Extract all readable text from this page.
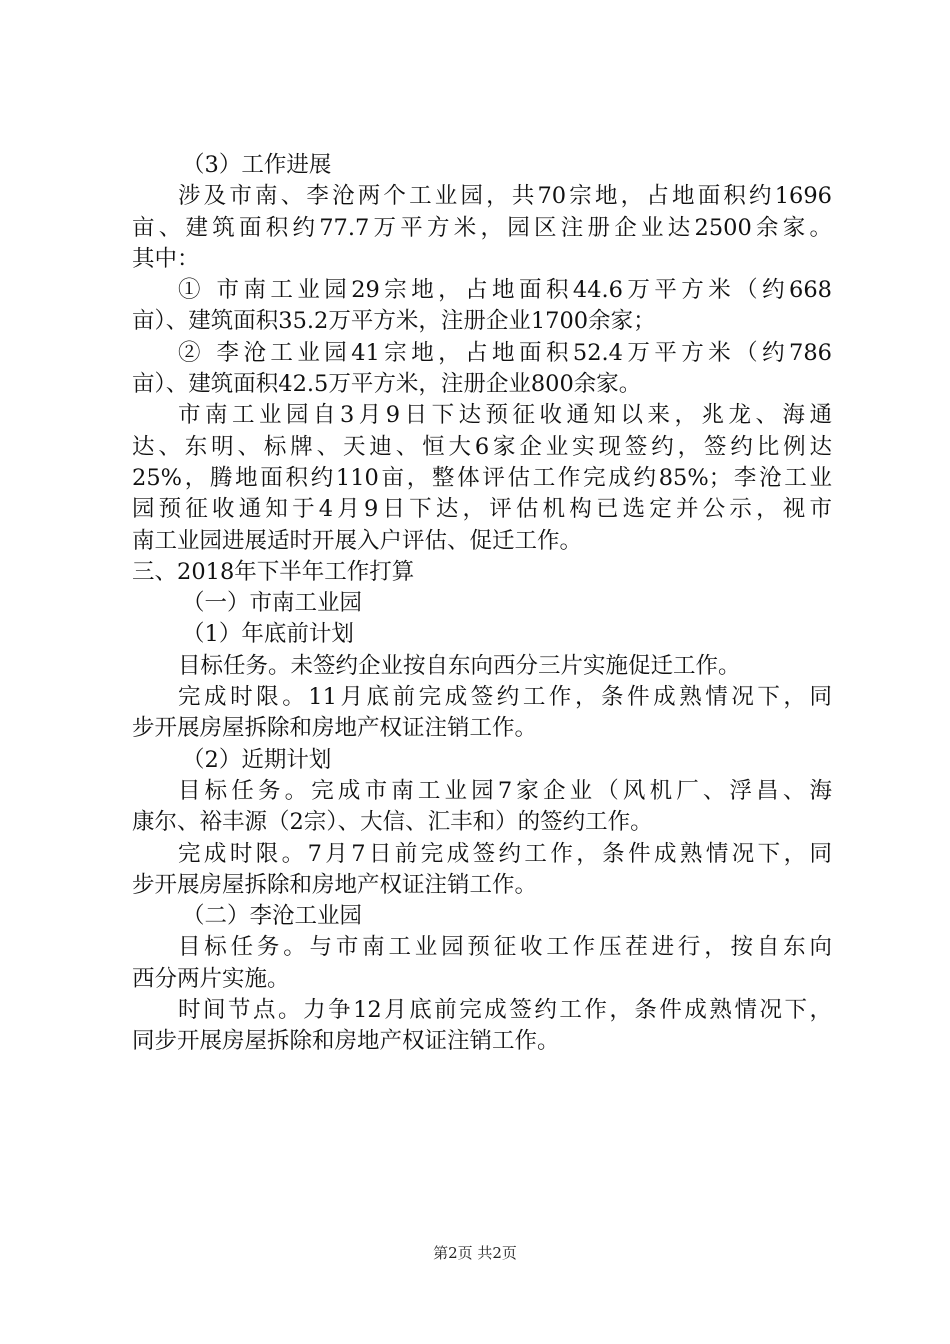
（3）工作进展
涉及市南、李沧两个工业园，共70宗地，占地面积约1696
亩、建筑面积约77.7万平方米，园区注册企业达2500余家。
其中：
① 市南工业园29宗地，占地面积44.6万平方米（约668
亩）、建筑面积35.2万平方米，注册企业1700余家；
② 李沧工业园41宗地，占地面积52.4万平方米（约786
亩）、建筑面积42.5万平方米，注册企业800余家。
市南工业园自3月9日下达预征收通知以来，兆龙、海通
达、东明、标牌、天迪、恒大6家企业实现签约，签约比例达
25%，腾地面积约110亩，整体评估工作完成约85%；李沧工业
园预征收通知于4月9日下达，评估机构已选定并公示，视市
南工业园进展适时开展入户评估、促迁工作。
三、2018年下半年工作打算
（一）市南工业园
（1）年底前计划
目标任务。未签约企业按自东向西分三片实施促迁工作。
完成时限。11月底前完成签约工作，条件成熟情况下，同
步开展房屋拆除和房地产权证注销工作。
（2）近期计划
目标任务。完成市南工业园7家企业（风机厂、浮昌、海
康尔、裕丰源（2宗）、大信、汇丰和）的签约工作。
完成时限。7月7日前完成签约工作，条件成熟情况下，同
步开展房屋拆除和房地产权证注销工作。
（二）李沧工业园
目标任务。与市南工业园预征收工作压茬进行，按自东向
西分两片实施。
时间节点。力争12月底前完成签约工作，条件成熟情况下，
同步开展房屋拆除和房地产权证注销工作。
第2页 共2页
